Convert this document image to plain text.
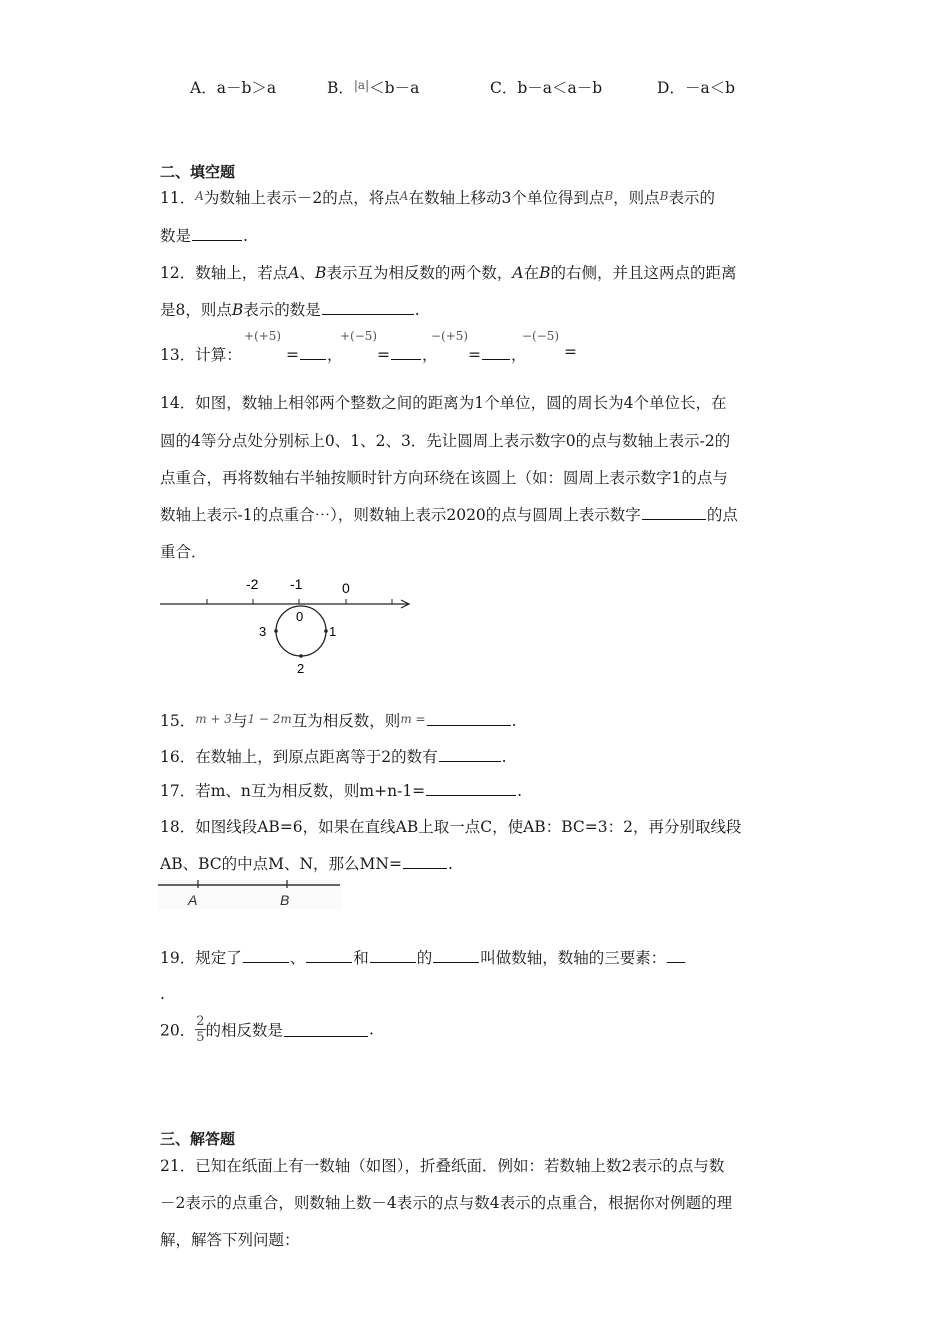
A．a－b＞a	B．$^{|a|}$＜b－a	C．b－a＜a－b	D．－a＜b
二、填空题
11．A为数轴上表示－2的点，将点A在数轴上移动3个单位得到点B，则点B表示的
数是	.
12．数轴上，若点A、B表示互为相反数的两个数，A在B的右侧，并且这两点的距离
是8，则点B表示的数是	.
13．计算：
+(+5)
= ，
+(−5)
= ，
−(+5)
= ，
−(−5)
=
14．如图，数轴上相邻两个整数之间的距离为1个单位，圆的周长为4个单位长，在
圆的4等分点处分别标上0、1、2、3．先让圆周上表示数字0的点与数轴上表示-2的
点重合，再将数轴右半轴按顺时针方向环绕在该圆上（如：圆周上表示数字1的点与
数轴上表示-1的点重合⋯），则数轴上表示2020的点与圆周上表示数字	的点
重合．
-2 -1	0
0
1
2
3
15．m + 3与1 − 2m互为相反数，则m =	.
16．在数轴上，到原点距离等于2的数有	.
17．若m、n互为相反数，则m+n-1=	.
18．如图线段AB=6，如果在直线AB上取一点C，使AB：BC=3：2，再分别取线段
AB、BC的中点M、N，那么MN=	.
A	B
19．规定了	、	和	的	叫做数轴，数轴的三要素：
.
20． $\frac{2}{5}$ 的相反数是	.
三、解答题
21．已知在纸面上有一数轴（如图），折叠纸面．例如：若数轴上数2表示的点与数
－2表示的点重合，则数轴上数－4表示的点与数4表示的点重合，根据你对例题的理
解，解答下列问题：
